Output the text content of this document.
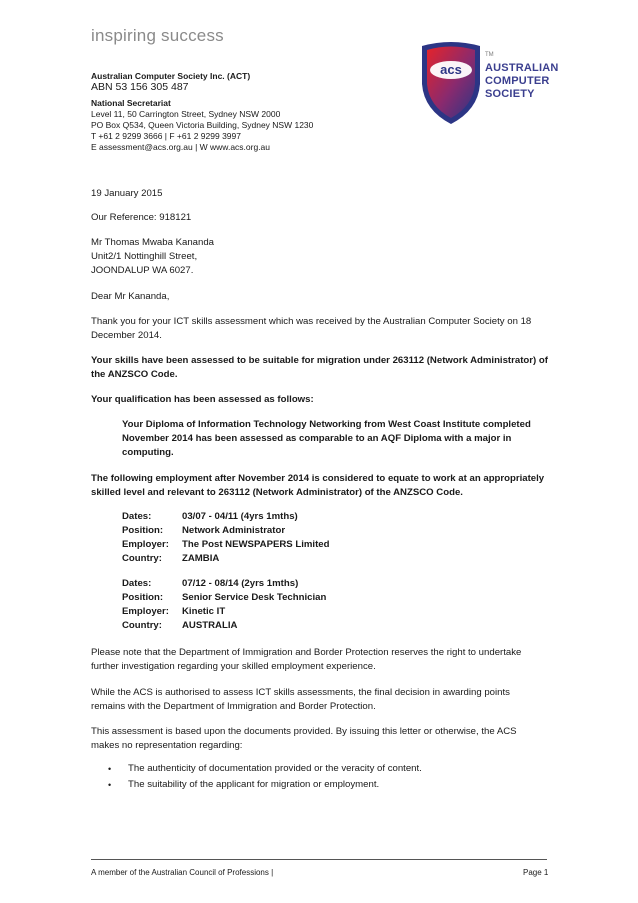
inspiring success
acs
TM
AUSTRALIAN
COMPUTER
SOCIETY
Australian Computer Society Inc. (ACT)
ABN 53 156 305 487
National Secretariat
Level 11, 50 Carrington Street, Sydney NSW 2000
PO Box Q534, Queen Victoria Building, Sydney NSW 1230
T +61 2 9299 3666 | F +61 2 9299 3997
E assessment@acs.org.au | W www.acs.org.au
19 January 2015
Our Reference: 918121
Mr Thomas Mwaba Kananda
Unit2/1 Nottinghill Street,
JOONDALUP WA 6027.
Dear Mr Kananda,
Thank you for your ICT skills assessment which was received by the Australian Computer Society on 18
December 2014.
Your skills have been assessed to be suitable for migration under 263112 (Network Administrator) of
the ANZSCO Code.
Your qualification has been assessed as follows:
Your Diploma of Information Technology Networking from West Coast Institute completed
November 2014 has been assessed as comparable to an AQF Diploma with a major in
computing.
The following employment after November 2014 is considered to equate to work at an appropriately
skilled level and relevant to 263112 (Network Administrator) of the ANZSCO Code.
Dates:	03/07 - 04/11 (4yrs 1mths)
Position: Network Administrator
Employer: The Post NEWSPAPERS Limited
Country: ZAMBIA
Dates:	07/12 - 08/14 (2yrs 1mths)
Position: Senior Service Desk Technician
Employer: Kinetic IT
Country: AUSTRALIA
Please note that the Department of Immigration and Border Protection reserves the right to undertake
further investigation regarding your skilled employment experience.
While the ACS is authorised to assess ICT skills assessments, the final decision in awarding points
remains with the Department of Immigration and Border Protection.
This assessment is based upon the documents provided. By issuing this letter or otherwise, the ACS
makes no representation regarding:
• The authenticity of documentation provided or the veracity of content.
• The suitability of the applicant for migration or employment.
A member of the Australian Council of Professions |	Page 1
